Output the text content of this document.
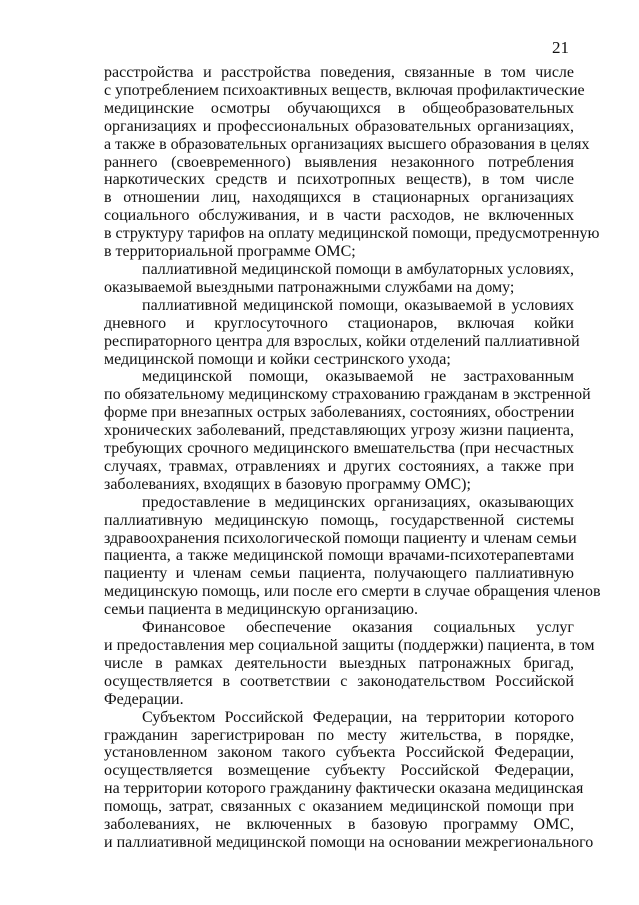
21
расстройства и расстройства поведения, связанные в том числе
с употреблением психоактивных веществ, включая профилактические
медицинские осмотры обучающихся в общеобразовательных
организациях и профессиональных образовательных организациях,
а также в образовательных организациях высшего образования в целях
раннего (своевременного) выявления незаконного потребления
наркотических средств и психотропных веществ), в том числе
в отношении лиц, находящихся в стационарных организациях
социального обслуживания, и в части расходов, не включенных
в структуру тарифов на оплату медицинской помощи, предусмотренную
в территориальной программе ОМС;
паллиативной медицинской помощи в амбулаторных условиях,
оказываемой выездными патронажными службами на дому;
паллиативной медицинской помощи, оказываемой в условиях
дневного и круглосуточного стационаров, включая койки
респираторного центра для взрослых, койки отделений паллиативной
медицинской помощи и койки сестринского ухода;
медицинской помощи, оказываемой не застрахованным
по обязательному медицинскому страхованию гражданам в экстренной
форме при внезапных острых заболеваниях, состояниях, обострении
хронических заболеваний, представляющих угрозу жизни пациента,
требующих срочного медицинского вмешательства (при несчастных
случаях, травмах, отравлениях и других состояниях, а также при
заболеваниях, входящих в базовую программу ОМС);
предоставление в медицинских организациях, оказывающих
паллиативную медицинскую помощь, государственной системы
здравоохранения психологической помощи пациенту и членам семьи
пациента, а также медицинской помощи врачами-психотерапевтами
пациенту и членам семьи пациента, получающего паллиативную
медицинскую помощь, или после его смерти в случае обращения членов
семьи пациента в медицинскую организацию.
Финансовое обеспечение оказания социальных услуг
и предоставления мер социальной защиты (поддержки) пациента, в том
числе в рамках деятельности выездных патронажных бригад,
осуществляется в соответствии с законодательством Российской
Федерации.
Субъектом Российской Федерации, на территории которого
гражданин зарегистрирован по месту жительства, в порядке,
установленном законом такого субъекта Российской Федерации,
осуществляется возмещение субъекту Российской Федерации,
на территории которого гражданину фактически оказана медицинская
помощь, затрат, связанных с оказанием медицинской помощи при
заболеваниях, не включенных в базовую программу ОМС,
и паллиативной медицинской помощи на основании межрегионального
